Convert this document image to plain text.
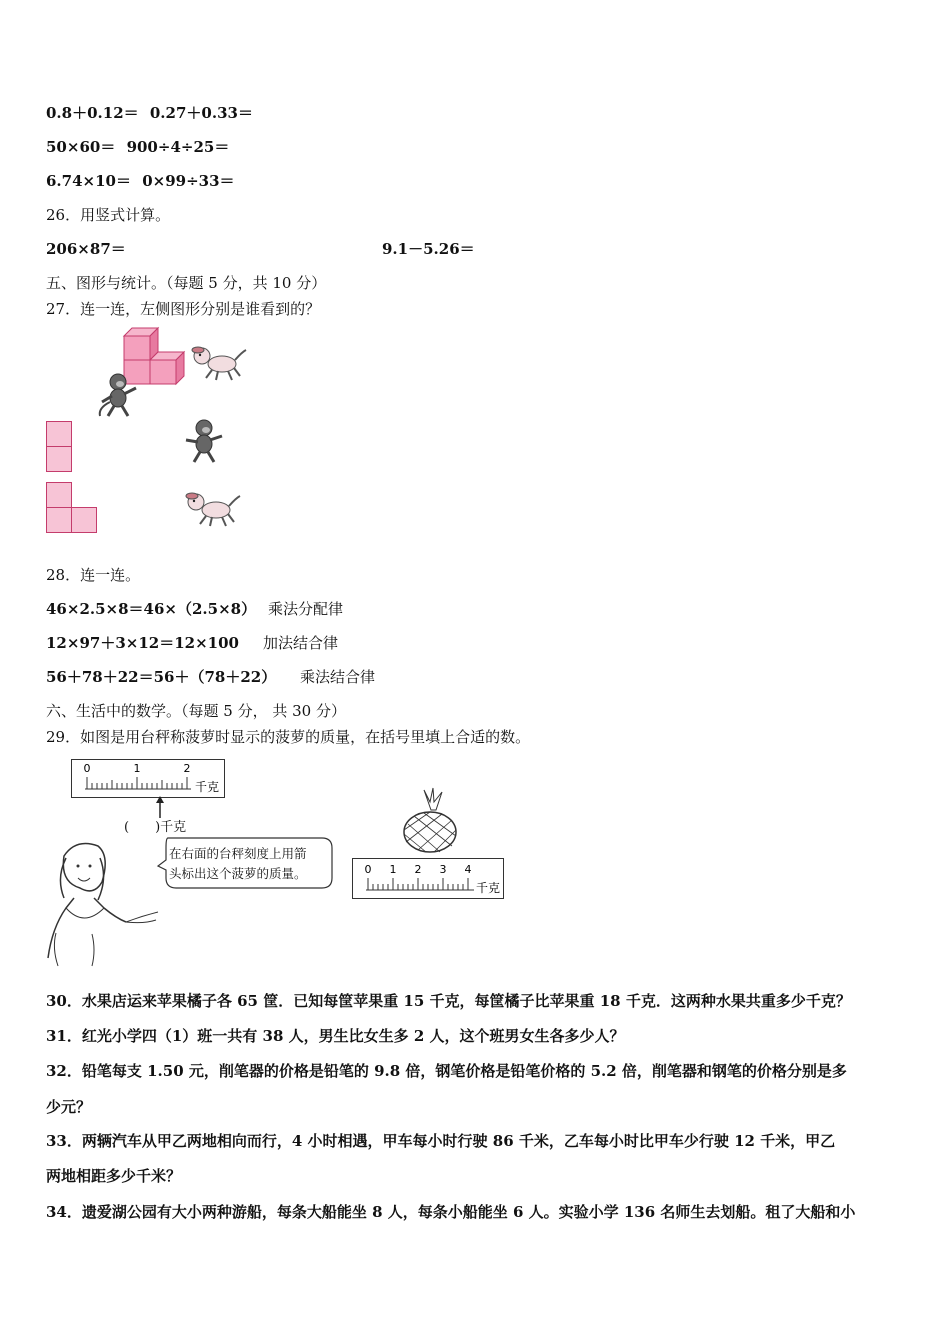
0.8＋0.12＝ 0.27＋0.33＝
50×60＝ 900÷4÷25＝
6.74×10＝ 0×99÷33＝
26．用竖式计算。
206×87＝	9.1－5.26＝
五、图形与统计。（每题 5 分，共 10 分）
27．连一连，左侧图形分别是谁看到的？
28．连一连。
46×2.5×8＝46×（2.5×8） 乘法分配律
12×97＋3×12＝12×100 加法结合律
56＋78＋22＝56＋（78＋22） 乘法结合律
六、生活中的数学。（每题 5 分， 共 30 分）
29．如图是用台秤称菠萝时显示的菠萝的质量，在括号里填上合适的数。
0	1	2
千克
(　　)千克
在右面的台秤刻度上用箭
头标出这个菠萝的质量。	0 1 2 3 4
千克
30．水果店运来苹果橘子各 65 筐．已知每筐苹果重 15 千克，每筐橘子比苹果重 18 千克．这两种水果共重多少千克？
31．红光小学四（1）班一共有 38 人，男生比女生多 2 人，这个班男女生各多少人？
32．铅笔每支 1.50 元，削笔器的价格是铅笔的 9.8 倍，钢笔价格是铅笔价格的 5.2 倍，削笔器和钢笔的价格分别是多
少元？
33．两辆汽车从甲乙两地相向而行，4 小时相遇，甲车每小时行驶 86 千米，乙车每小时比甲车少行驶 12 千米，甲乙
两地相距多少千米？
34．遗爱湖公园有大小两种游船，每条大船能坐 8 人，每条小船能坐 6 人。实验小学 136 名师生去划船。租了大船和小
